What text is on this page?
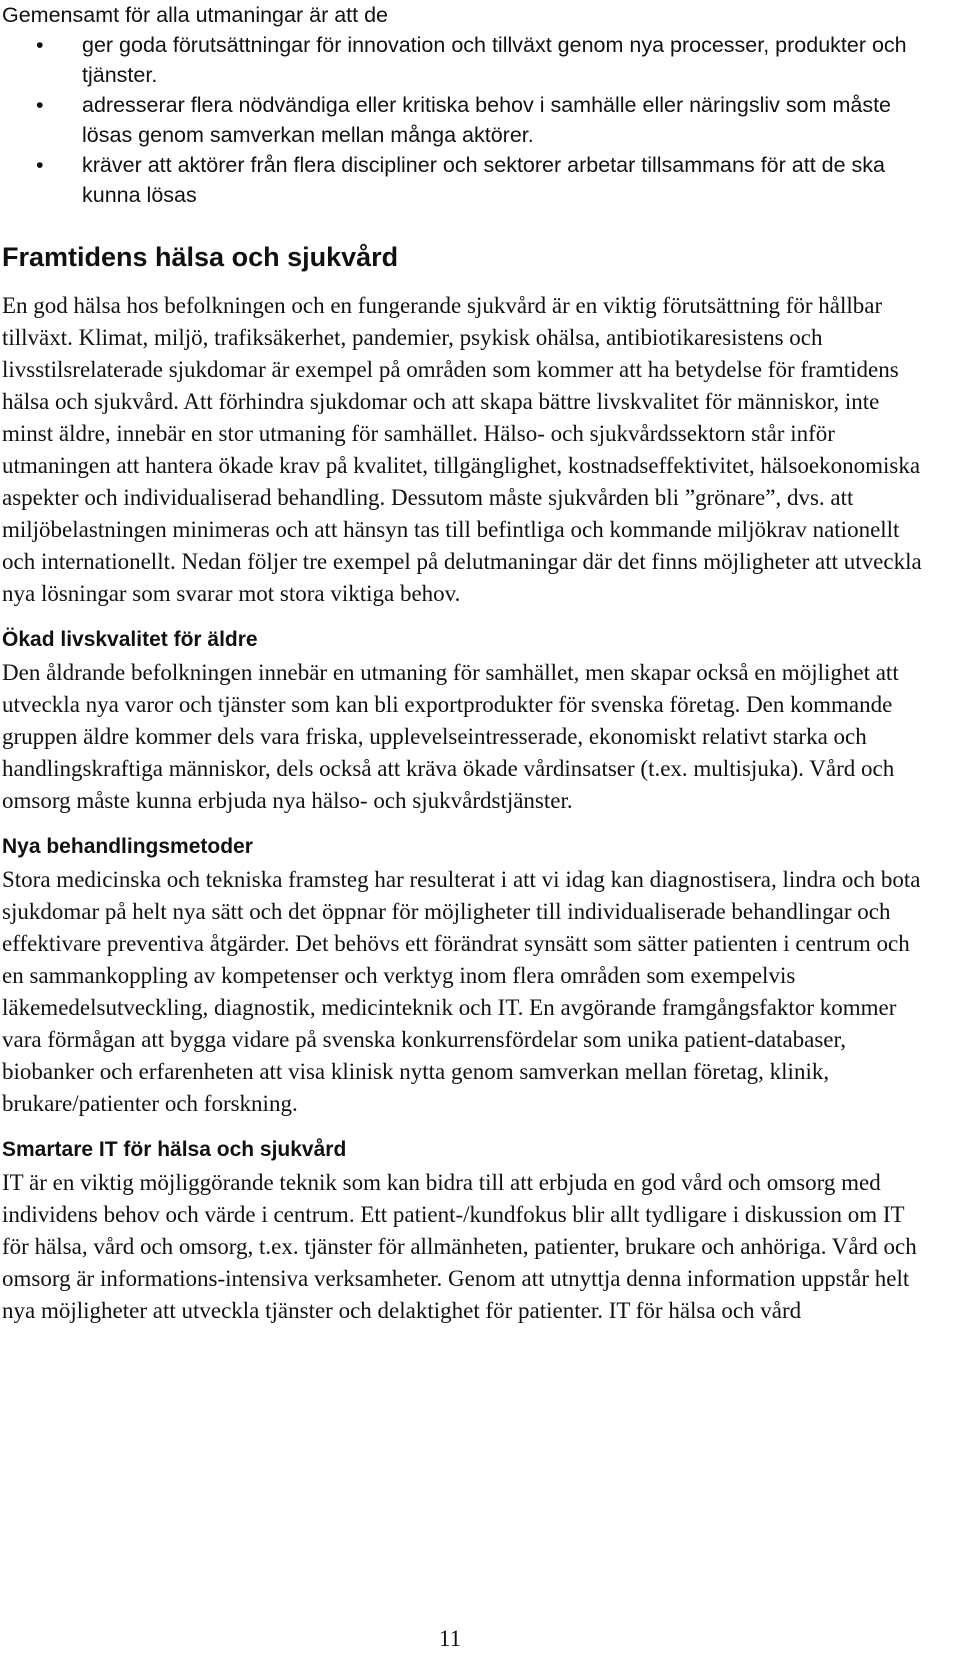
Gemensamt för alla utmaningar är att de

• ger goda förutsättningar för innovation och tillväxt genom nya processer, produkter och tjänster.
• adresserar flera nödvändiga eller kritiska behov i samhälle eller näringsliv som måste lösas genom samverkan mellan många aktörer.
• kräver att aktörer från flera discipliner och sektorer arbetar tillsammans för att de ska kunna lösas
Framtidens hälsa och sjukvård

En god hälsa hos befolkningen och en fungerande sjukvård är en viktig förutsättning för hållbar tillväxt. Klimat, miljö, trafiksäkerhet, pandemier, psykisk ohälsa, antibiotikaresistens och livsstilsrelaterade sjukdomar är exempel på områden som kommer att ha betydelse för framtidens hälsa och sjukvård. Att förhindra sjukdomar och att skapa bättre livskvalitet för människor, inte minst äldre, innebär en stor utmaning för samhället. Hälso- och sjukvårdssektorn står inför utmaningen att hantera ökade krav på kvalitet, tillgänglighet, kostnadseffektivitet, hälsoekonomiska aspekter och individualiserad behandling. Dessutom måste sjukvården bli ”grönare”, dvs. att miljöbelastningen minimeras och att hänsyn tas till befintliga och kommande miljökrav nationellt och internationellt. Nedan följer tre exempel på delutmaningar där det finns möjligheter att utveckla nya lösningar som svarar mot stora viktiga behov.

Ökad livskvalitet för äldre

Den åldrande befolkningen innebär en utmaning för samhället, men skapar också en möjlighet att utveckla nya varor och tjänster som kan bli exportprodukter för svenska företag. Den kommande gruppen äldre kommer dels vara friska, upplevelseintresserade, ekonomiskt relativt starka och handlingskraftiga människor, dels också att kräva ökade vårdinsatser (t.ex. multisjuka). Vård och omsorg måste kunna erbjuda nya hälso- och sjukvårdstjänster.

Nya behandlingsmetoder

Stora medicinska och tekniska framsteg har resulterat i att vi idag kan diagnostisera, lindra och bota sjukdomar på helt nya sätt och det öppnar för möjligheter till individualiserade behandlingar och effektivare preventiva åtgärder. Det behövs ett förändrat synsätt som sätter patienten i centrum och en sammankoppling av kompetenser och verktyg inom flera områden som exempelvis läkemedelsutveckling, diagnostik, medicinteknik och IT. En avgörande framgångsfaktor kommer vara förmågan att bygga vidare på svenska konkurrensfördelar som unika patient-databaser, biobanker och erfarenheten att visa klinisk nytta genom samverkan mellan företag, klinik, brukare/patienter och forskning.

Smartare IT för hälsa och sjukvård

IT är en viktig möjliggörande teknik som kan bidra till att erbjuda en god vård och omsorg med individens behov och värde i centrum. Ett patient-/kundfokus blir allt tydligare i diskussion om IT för hälsa, vård och omsorg, t.ex. tjänster för allmänheten, patienter, brukare och anhöriga. Vård och omsorg är informations-intensiva verksamheter. Genom att utnyttja denna information uppstår helt nya möjligheter att utveckla tjänster och delaktighet för patienter. IT för hälsa och vård

11
